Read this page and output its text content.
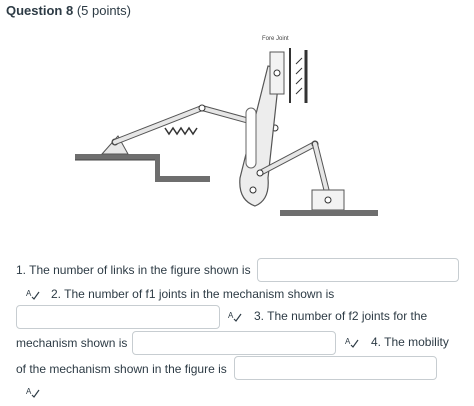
Question 8 (5 points)
Fore Joint
1. The number of links in the figure shown is
A 2. The number of f1 joints in the mechanism shown is
A 3. The number of f2 joints for the
mechanism shown is	A 4. The mobility
of the mechanism shown in the figure is
A
